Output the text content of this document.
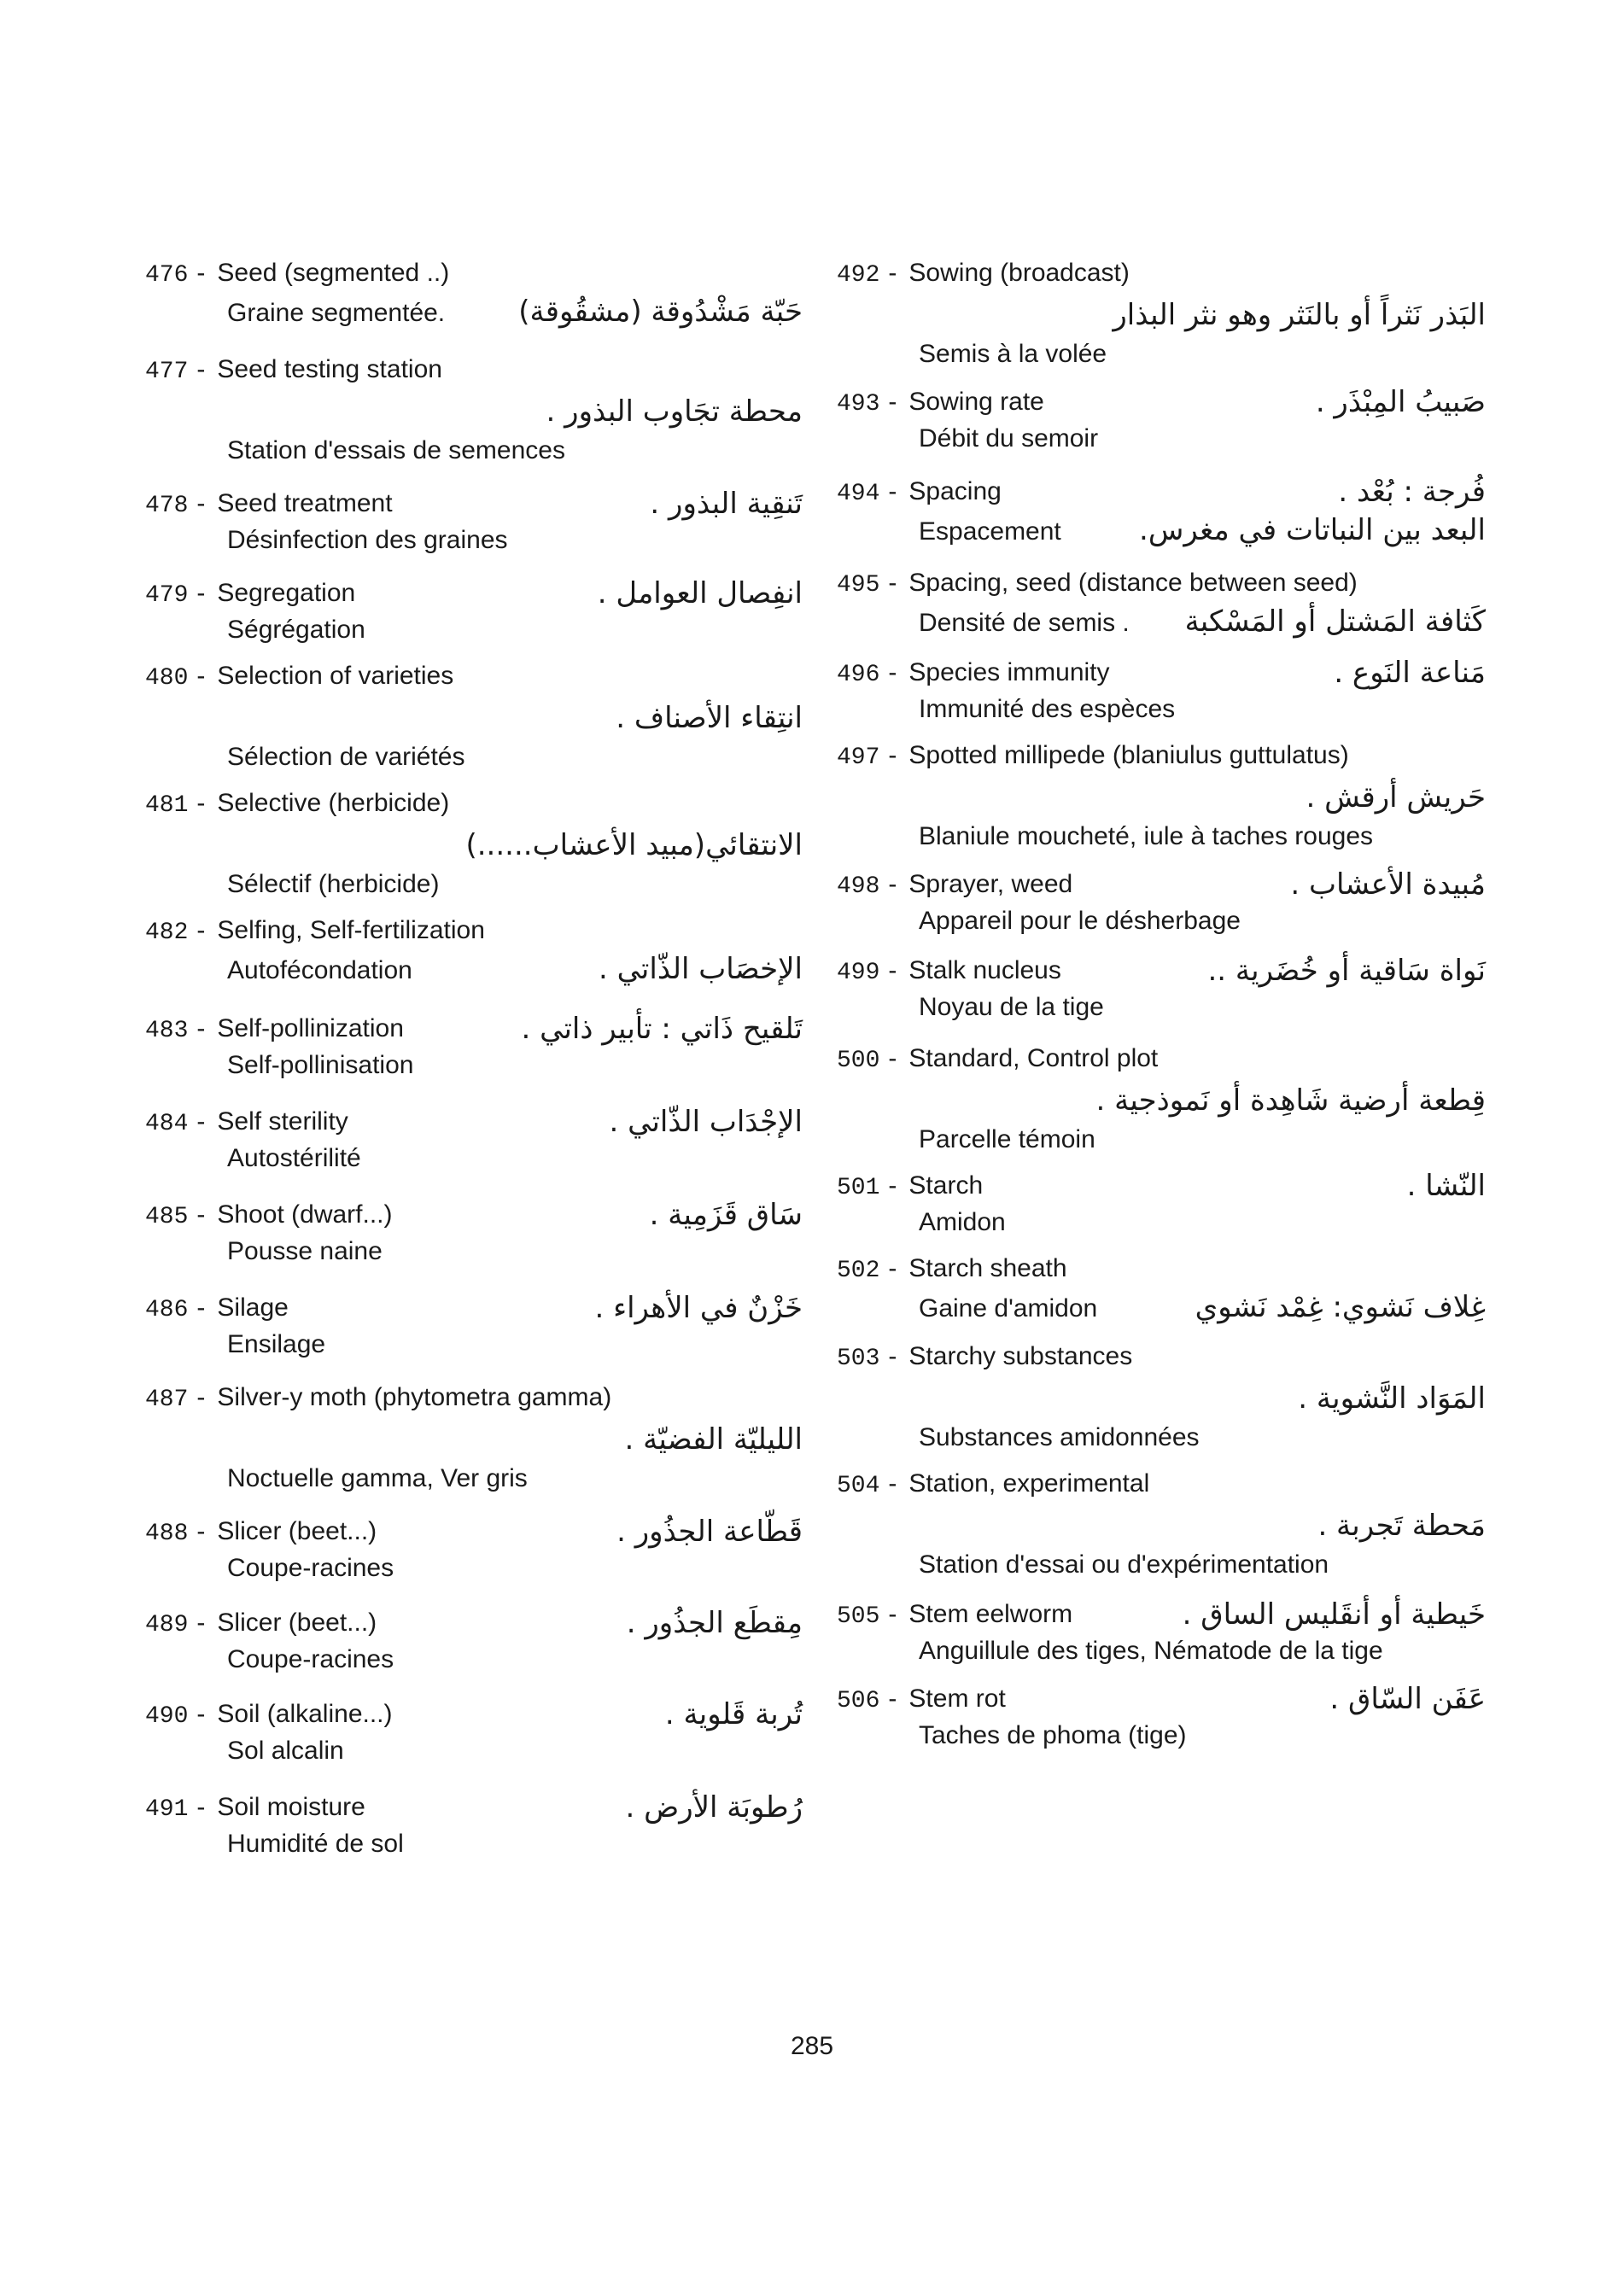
476 - Seed (segmented ..)
Graine segmentée.	حَبّة مَشْدُوقة (مشقُوقة)
477 - Seed testing station
محطة تجَاوب البذور .
Station d'essais de semences
478 - Seed treatment	تَنقِية البذور .
Désinfection des graines
479 - Segregation	انفِصال العوامل .
Ségrégation
480 - Selection of varieties
انتِقاء الأصناف .
Sélection de variétés
481 - Selective (herbicide)
الانتقائي(مبيد الأعشاب......)
Sélectif (herbicide)
482 - Selfing, Self-fertilization
Autofécondation	الإخصَاب الذّاتي .
483 - Self-pollinization	تَلقيح ذَاتي : تأبير ذاتي .
Self-pollinisation
484 - Self sterility	الإجْدَاب الذّاتي .
Autostérilité
485 - Shoot (dwarf...)	سَاق قَزَمِية .
Pousse naine
486 - Silage	خَزْنٌ في الأهراء .
Ensilage
487 - Silver-y moth (phytometra gamma)
الليليّة الفضيّة .
Noctuelle gamma, Ver gris
488 - Slicer (beet...)	قَطّاعة الجذُور .
Coupe-racines
489 - Slicer (beet...)	مِقطَع الجذُور .
Coupe-racines
490 - Soil (alkaline...)	تُربة قَلوية .
Sol alcalin
491 - Soil moisture	رُطوبَة الأرض .
Humidité de sol
492 - Sowing (broadcast)
البَذر نَثراً أو بالنَثر وهو نثر البذار
Semis à la volée
493 - Sowing rate	صَبيبُ المِبْذَر .
Débit du semoir
494 - Spacing	فُرجة : بُعْد .
Espacement	البعد بين النباتات في مغرس.
495 - Spacing, seed (distance between seed)
Densité de semis . كَثافة المَشتل أو المَسْكبة
496 - Species immunity	مَناعة النَوع .
Immunité des espèces
497 - Spotted millipede (blaniulus guttulatus)
حَريش أرقش .
Blaniule moucheté, iule à taches rouges
498 - Sprayer, weed	مُبيدة الأعشاب .
Appareil pour le désherbage
499 - Stalk nucleus	نَواة سَاقية أو خُضَرية ..
Noyau de la tige
500 - Standard, Control plot
قِطعة أرضية شَاهِدة أو نَموذجية .
Parcelle témoin
501 - Starch	النّشا .
Amidon
502 - Starch sheath
Gaine d'amidon	غِلاف نَشوي: غِمْد نَشوي
503 - Starchy substances
المَوَاد النَّشوية .
Substances amidonnées
504 - Station, experimental
مَحطة تَجربة .
Station d'essai ou d'expérimentation
505 - Stem eelworm	خَيطية أو أنقَليس الساق .
Anguillule des tiges, Nématode de la tige
506 - Stem rot	عَفَن السّاق .
Taches de phoma (tige)
285
